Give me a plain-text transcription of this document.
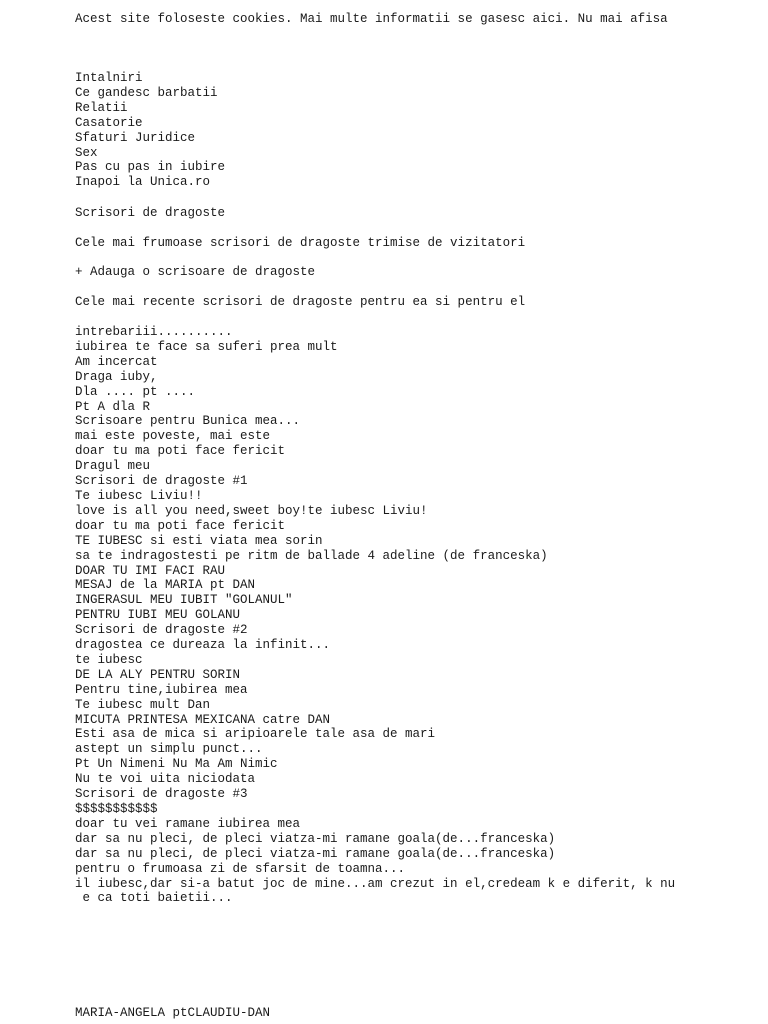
Acest site foloseste cookies. Mai multe informatii se gasesc aici. Nu mai afisa
Intalniri
Ce gandesc barbatii
Relatii
Casatorie
Sfaturi Juridice
Sex
Pas cu pas in iubire
Inapoi la Unica.ro
Scrisori de dragoste
Cele mai frumoase scrisori de dragoste trimise de vizitatori
+ Adauga o scrisoare de dragoste
Cele mai recente scrisori de dragoste pentru ea si pentru el
intrebariii..........
iubirea te face sa suferi prea mult
Am incercat
Draga iuby,
Dla .... pt ....
Pt A dla R
Scrisoare pentru Bunica mea...
mai este poveste, mai este
doar tu ma poti face fericit
Dragul meu
Scrisori de dragoste #1
Te iubesc Liviu!!
love is all you need,sweet boy!te iubesc Liviu!
doar tu ma poti face fericit
TE IUBESC si esti viata mea sorin
sa te indragostesti pe ritm de ballade 4 adeline (de franceska)
DOAR TU IMI FACI RAU
MESAJ de la MARIA pt DAN
INGERASUL MEU IUBIT "GOLANUL"
PENTRU IUBI MEU GOLANU
Scrisori de dragoste #2
dragostea ce dureaza la infinit...
te iubesc
DE LA ALY PENTRU SORIN
Pentru tine,iubirea mea
Te iubesc mult Dan
MICUTA PRINTESA MEXICANA catre DAN
Esti asa de mica si aripioarele tale asa de mari
astept un simplu punct...
Pt Un Nimeni Nu Ma Am Nimic
Nu te voi uita niciodata
Scrisori de dragoste #3
$$$$$$$$$$$
doar tu vei ramane iubirea mea
dar sa nu pleci, de pleci viatza-mi ramane goala(de...franceska)
dar sa nu pleci, de pleci viatza-mi ramane goala(de...franceska)
pentru o frumoasa zi de sfarsit de toamna...
il iubesc,dar si-a batut joc de mine...am crezut in el,credeam k e diferit, k nu
e ca toti baietii...
MARIA-ANGELA ptCLAUDIU-DAN
